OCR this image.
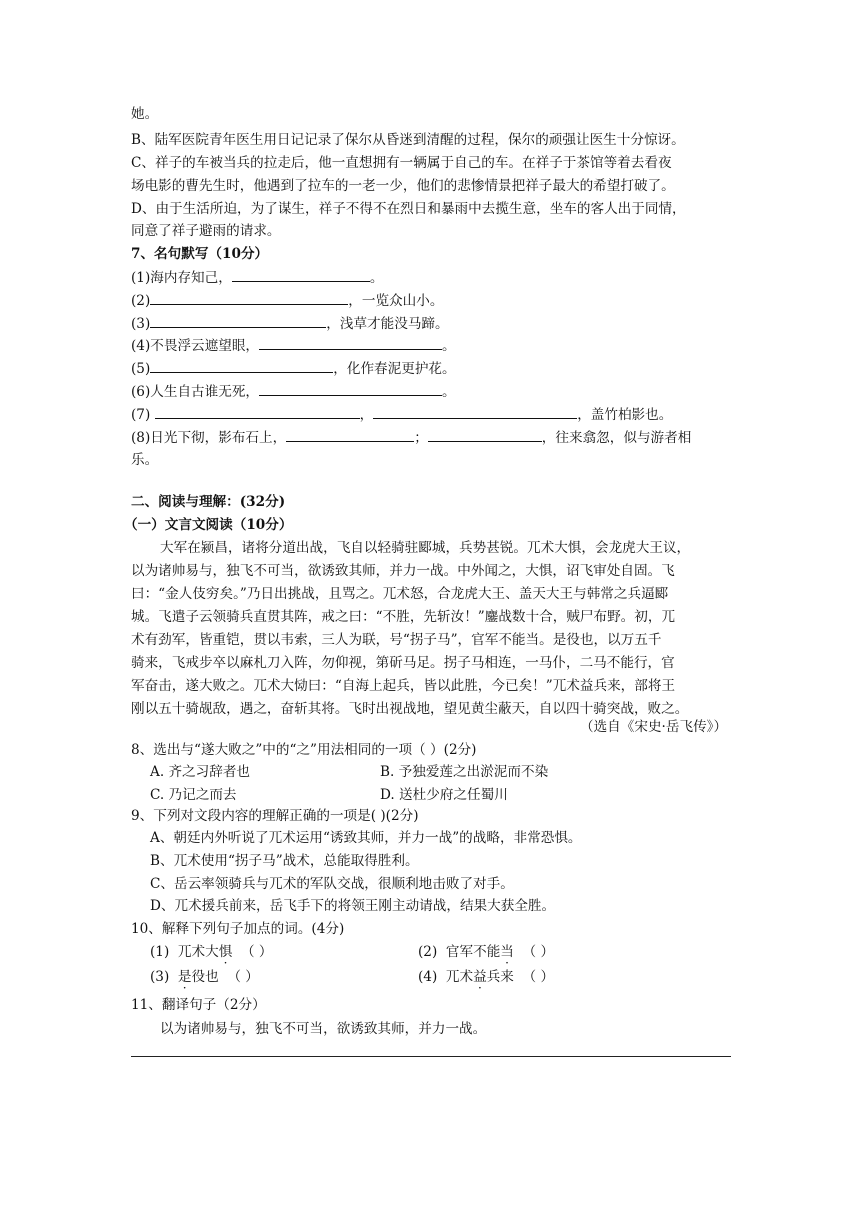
她。
B、陆军医院青年医生用日记记录了保尔从昏迷到清醒的过程，保尔的顽强让医生十分惊讶。
C、祥子的车被当兵的拉走后，他一直想拥有一辆属于自己的车。在祥子于茶馆等着去看夜
场电影的曹先生时，他遇到了拉车的一老一少，他们的悲惨情景把祥子最大的希望打破了。
D、由于生活所迫，为了谋生，祥子不得不在烈日和暴雨中去揽生意，坐车的客人出于同情，
同意了祥子避雨的请求。
7、名句默写（10分）
(1)海内存知己，	。
(2)	，一览众山小。
(3)	，浅草才能没马蹄。
(4)不畏浮云遮望眼，	。
(5)	，化作春泥更护花。
(6)人生自古谁无死，	。
(7)	，	，盖竹柏影也。
(8)日光下彻，影布石上，	；	，往来翕忽，似与游者相
乐。
二、阅读与理解：(32分)
（一）文言文阅读（10分）
大军在颍昌，诸将分道出战，飞自以轻骑驻郾城，兵势甚锐。兀术大惧，会龙虎大王议，
以为诸帅易与，独飞不可当，欲诱致其师，并力一战。中外闻之，大惧，诏飞审处自固。飞
曰：“金人伎穷矣。”乃日出挑战，且骂之。兀术怒，合龙虎大王、盖天大王与韩常之兵逼郾
城。飞遣子云领骑兵直贯其阵，戒之曰：“不胜，先斩汝！”鏖战数十合，贼尸布野。初，兀
术有劲军，皆重铠，贯以韦索，三人为联，号“拐子马”，官军不能当。是役也，以万五千
骑来，飞戒步卒以麻札刀入阵，勿仰视，第斫马足。拐子马相连，一马仆，二马不能行，官
军奋击，遂大败之。兀术大恸曰：“自海上起兵，皆以此胜，今已矣！”兀术益兵来，部将王
刚以五十骑觇敌，遇之，奋斩其将。飞时出视战地，望见黄尘蔽天，自以四十骑突战，败之。
（选自《宋史·岳飞传》）
8、选出与“遂大败之”中的“之”用法相同的一项（ ）(2分)
A. 齐之习辞者也	B. 予独爱莲之出淤泥而不染
C. 乃记之而去	D. 送杜少府之任蜀川
9、下列对文段内容的理解正确的一项是( )(2分)
A、朝廷内外听说了兀术运用“诱致其师，并力一战”的战略，非常恐惧。
B、兀术使用“拐子马”战术，总能取得胜利。
C、岳云率领骑兵与兀术的军队交战，很顺利地击败了对手。
D、兀术援兵前来，岳飞手下的将领王刚主动请战，结果大获全胜。
10、解释下列句子加点的词。(4分)
(1) 兀术大惧 （ ）	(2) 官军不能当 （ ）
(3) 是役也 （ ）	(4) 兀术益兵来 （ ）
11、翻译句子（2分）
以为诸帅易与，独飞不可当，欲诱致其师，并力一战。
